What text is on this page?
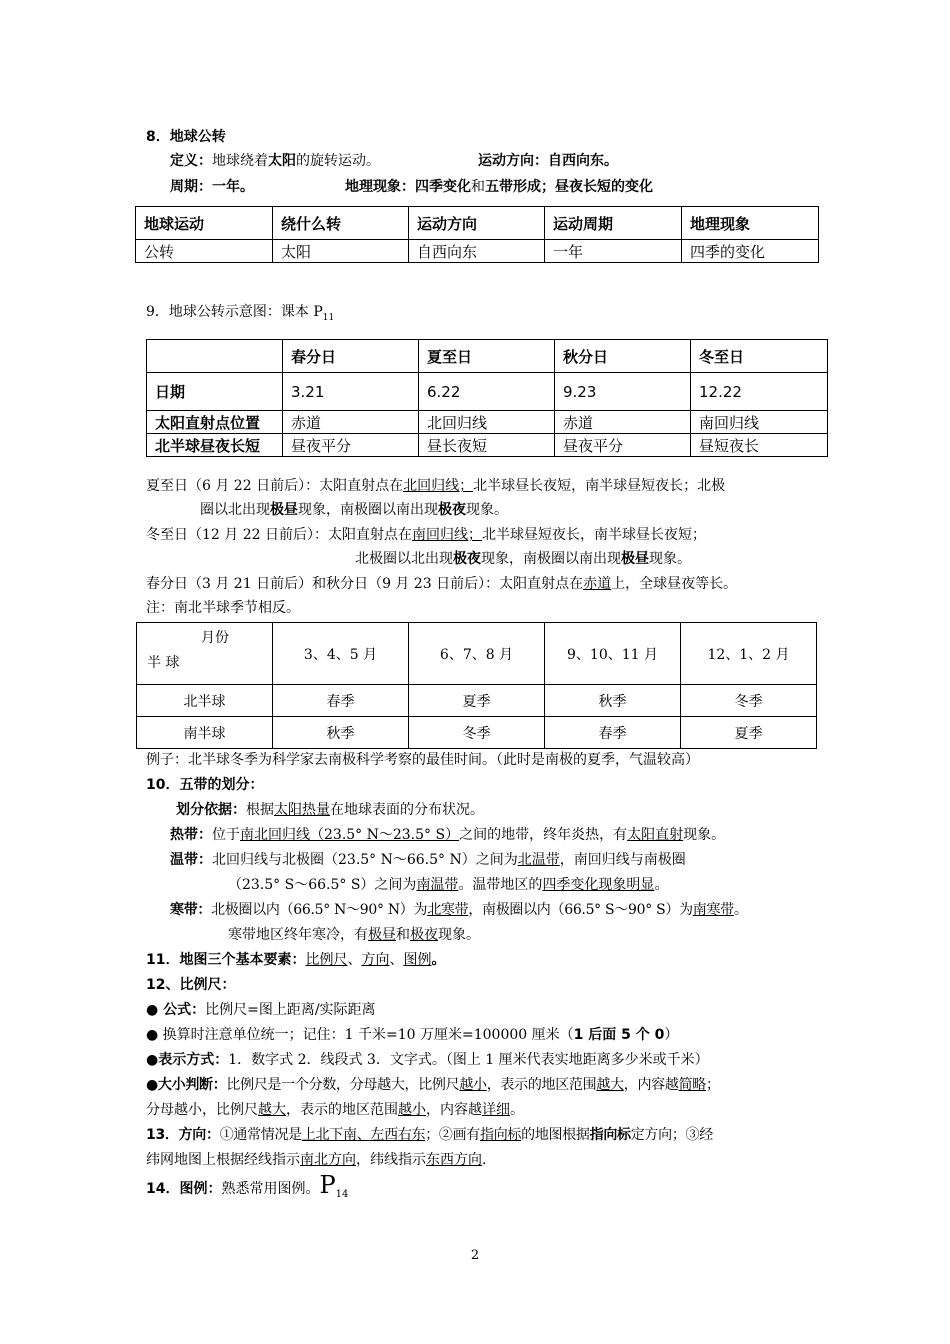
8．地球公转
定义：地球绕着太阳的旋转运动。	运动方向：自西向东。
周期：一年。	地理现象：四季变化和五带形成；昼夜长短的变化
地球运动	绕什么转	运动方向	运动周期	地理现象
公转	太阳	自西向东	一年	四季的变化
9．地球公转示意图：课本 $P_{11}$
	春分日	夏至日	秋分日	冬至日
日期	3.21	6.22	9.23	12.22
太阳直射点位置	赤道	北回归线	赤道	南回归线
北半球昼夜长短	昼夜平分	昼长夜短	昼夜平分	昼短夜长
夏至日（6 月 22 日前后）：太阳直射点在北回归线；北半球昼长夜短，南半球昼短夜长；北极
圈以北出现极昼现象，南极圈以南出现极夜现象。
冬至日（12 月 22 日前后）：太阳直射点在南回归线；北半球昼短夜长，南半球昼长夜短；
北极圈以北出现极夜现象，南极圈以南出现极昼现象。
春分日（3 月 21 日前后）和秋分日（9 月 23 日前后）：太阳直射点在赤道上，全球昼夜等长。
注：南北半球季节相反。
月份
半 球	3、4、5 月	6、7、8 月	9、10、11 月	12、1、2 月
北半球	春季	夏季	秋季	冬季
南半球	秋季	冬季	春季	夏季
例子：北半球冬季为科学家去南极科学考察的最佳时间。（此时是南极的夏季，气温较高）
10．五带的划分：
划分依据：根据太阳热量在地球表面的分布状况。
热带：位于南北回归线（23.5° N～23.5° S）之间的地带，终年炎热，有太阳直射现象。
温带：北回归线与北极圈（23.5° N～66.5° N）之间为北温带，南回归线与南极圈
（23.5° S～66.5° S）之间为南温带。温带地区的四季变化现象明显。
寒带：北极圈以内（66.5° N～90° N）为北寒带，南极圈以内（66.5° S～90° S）为南寒带。
寒带地区终年寒冷，有极昼和极夜现象。
11．地图三个基本要素：比例尺、方向、图例。
12、比例尺：
● 公式：比例尺=图上距离/实际距离
● 换算时注意单位统一；记住：1 千米=10 万厘米=100000 厘米（1 后面 5 个 0）
●表示方式：1．数字式 2．线段式 3．文字式。（图上 1 厘米代表实地距离多少米或千米）
●大小判断：比例尺是一个分数，分母越大，比例尺越小，表示的地区范围越大，内容越简略；
分母越小，比例尺越大，表示的地区范围越小，内容越详细。
13．方向：①通常情况是上北下南、左西右东；②画有指向标的地图根据指向标定方向；③经
纬网地图上根据经线指示南北方向，纬线指示东西方向.
14．图例：熟悉常用图例。$P_{14}$
2
